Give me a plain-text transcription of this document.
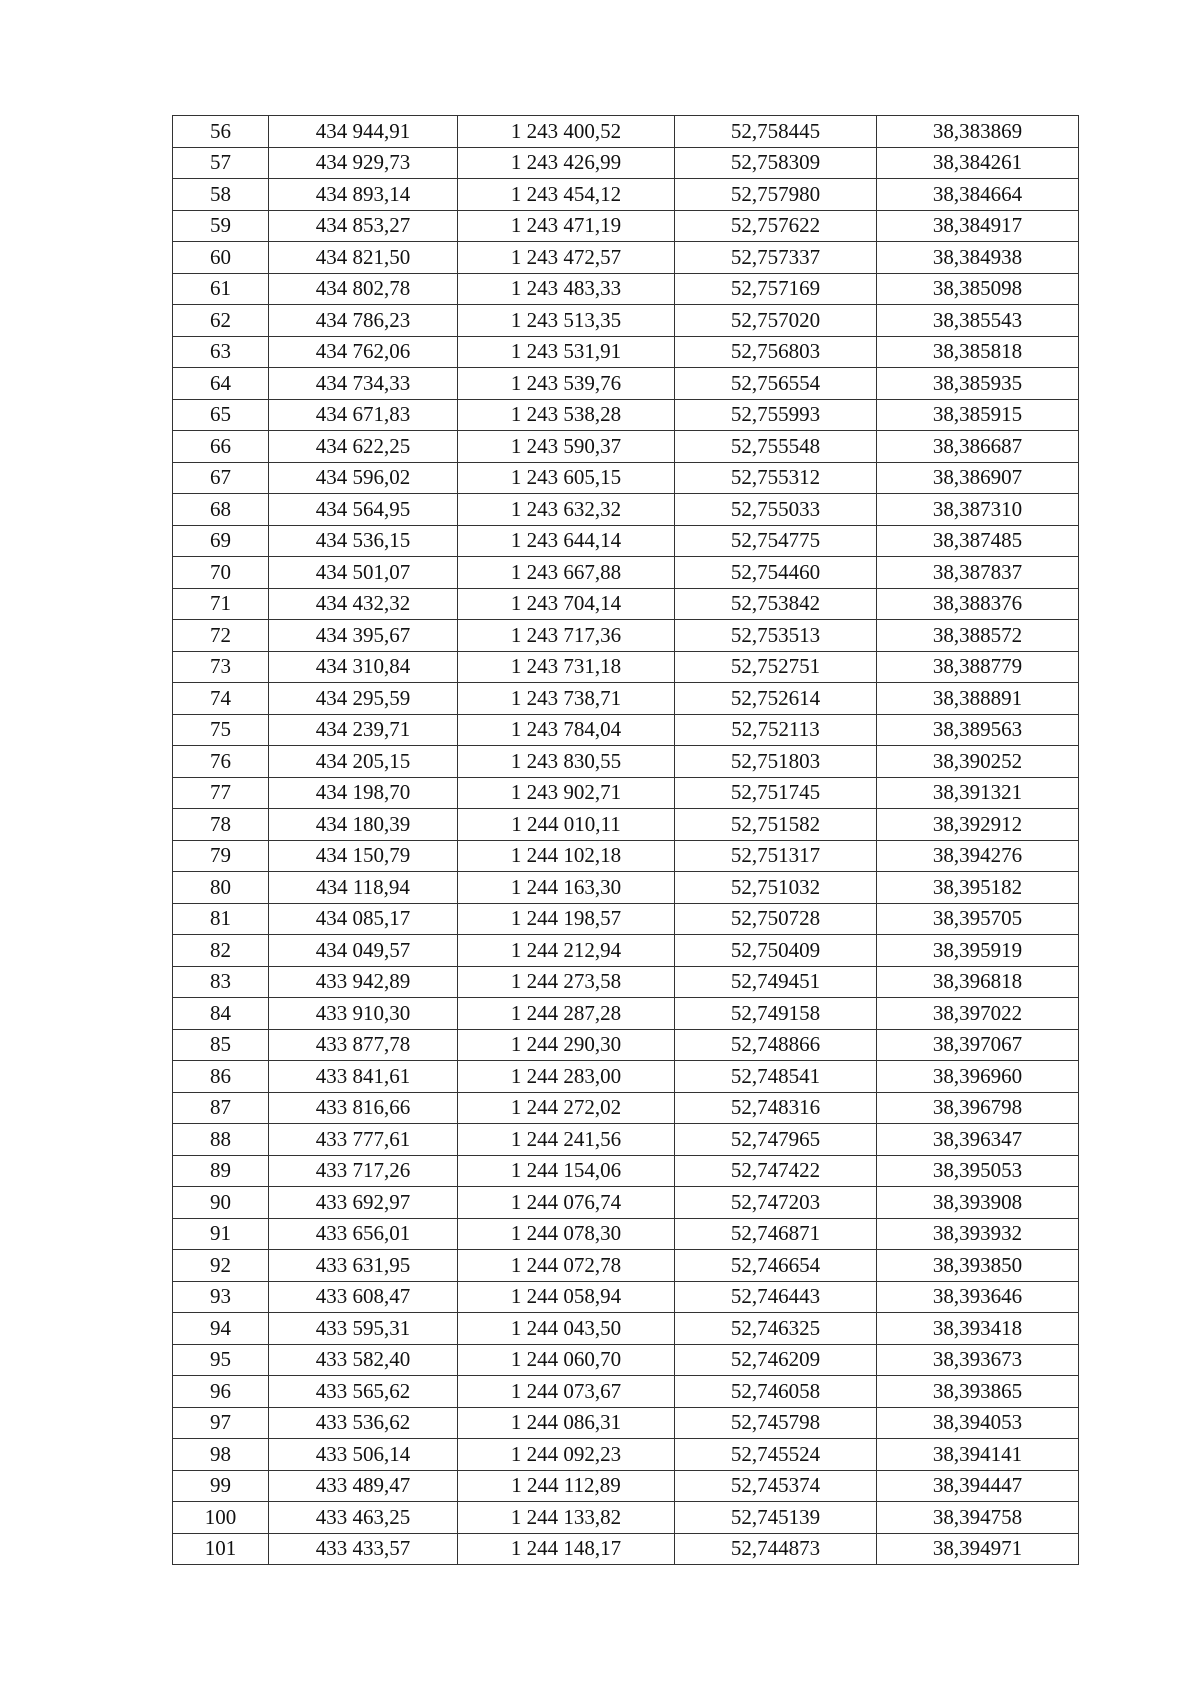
56	434 944,91	1 243 400,52	52,758445	38,383869
57	434 929,73	1 243 426,99	52,758309	38,384261
58	434 893,14	1 243 454,12	52,757980	38,384664
59	434 853,27	1 243 471,19	52,757622	38,384917
60	434 821,50	1 243 472,57	52,757337	38,384938
61	434 802,78	1 243 483,33	52,757169	38,385098
62	434 786,23	1 243 513,35	52,757020	38,385543
63	434 762,06	1 243 531,91	52,756803	38,385818
64	434 734,33	1 243 539,76	52,756554	38,385935
65	434 671,83	1 243 538,28	52,755993	38,385915
66	434 622,25	1 243 590,37	52,755548	38,386687
67	434 596,02	1 243 605,15	52,755312	38,386907
68	434 564,95	1 243 632,32	52,755033	38,387310
69	434 536,15	1 243 644,14	52,754775	38,387485
70	434 501,07	1 243 667,88	52,754460	38,387837
71	434 432,32	1 243 704,14	52,753842	38,388376
72	434 395,67	1 243 717,36	52,753513	38,388572
73	434 310,84	1 243 731,18	52,752751	38,388779
74	434 295,59	1 243 738,71	52,752614	38,388891
75	434 239,71	1 243 784,04	52,752113	38,389563
76	434 205,15	1 243 830,55	52,751803	38,390252
77	434 198,70	1 243 902,71	52,751745	38,391321
78	434 180,39	1 244 010,11	52,751582	38,392912
79	434 150,79	1 244 102,18	52,751317	38,394276
80	434 118,94	1 244 163,30	52,751032	38,395182
81	434 085,17	1 244 198,57	52,750728	38,395705
82	434 049,57	1 244 212,94	52,750409	38,395919
83	433 942,89	1 244 273,58	52,749451	38,396818
84	433 910,30	1 244 287,28	52,749158	38,397022
85	433 877,78	1 244 290,30	52,748866	38,397067
86	433 841,61	1 244 283,00	52,748541	38,396960
87	433 816,66	1 244 272,02	52,748316	38,396798
88	433 777,61	1 244 241,56	52,747965	38,396347
89	433 717,26	1 244 154,06	52,747422	38,395053
90	433 692,97	1 244 076,74	52,747203	38,393908
91	433 656,01	1 244 078,30	52,746871	38,393932
92	433 631,95	1 244 072,78	52,746654	38,393850
93	433 608,47	1 244 058,94	52,746443	38,393646
94	433 595,31	1 244 043,50	52,746325	38,393418
95	433 582,40	1 244 060,70	52,746209	38,393673
96	433 565,62	1 244 073,67	52,746058	38,393865
97	433 536,62	1 244 086,31	52,745798	38,394053
98	433 506,14	1 244 092,23	52,745524	38,394141
99	433 489,47	1 244 112,89	52,745374	38,394447
100	433 463,25	1 244 133,82	52,745139	38,394758
101	433 433,57	1 244 148,17	52,744873	38,394971
